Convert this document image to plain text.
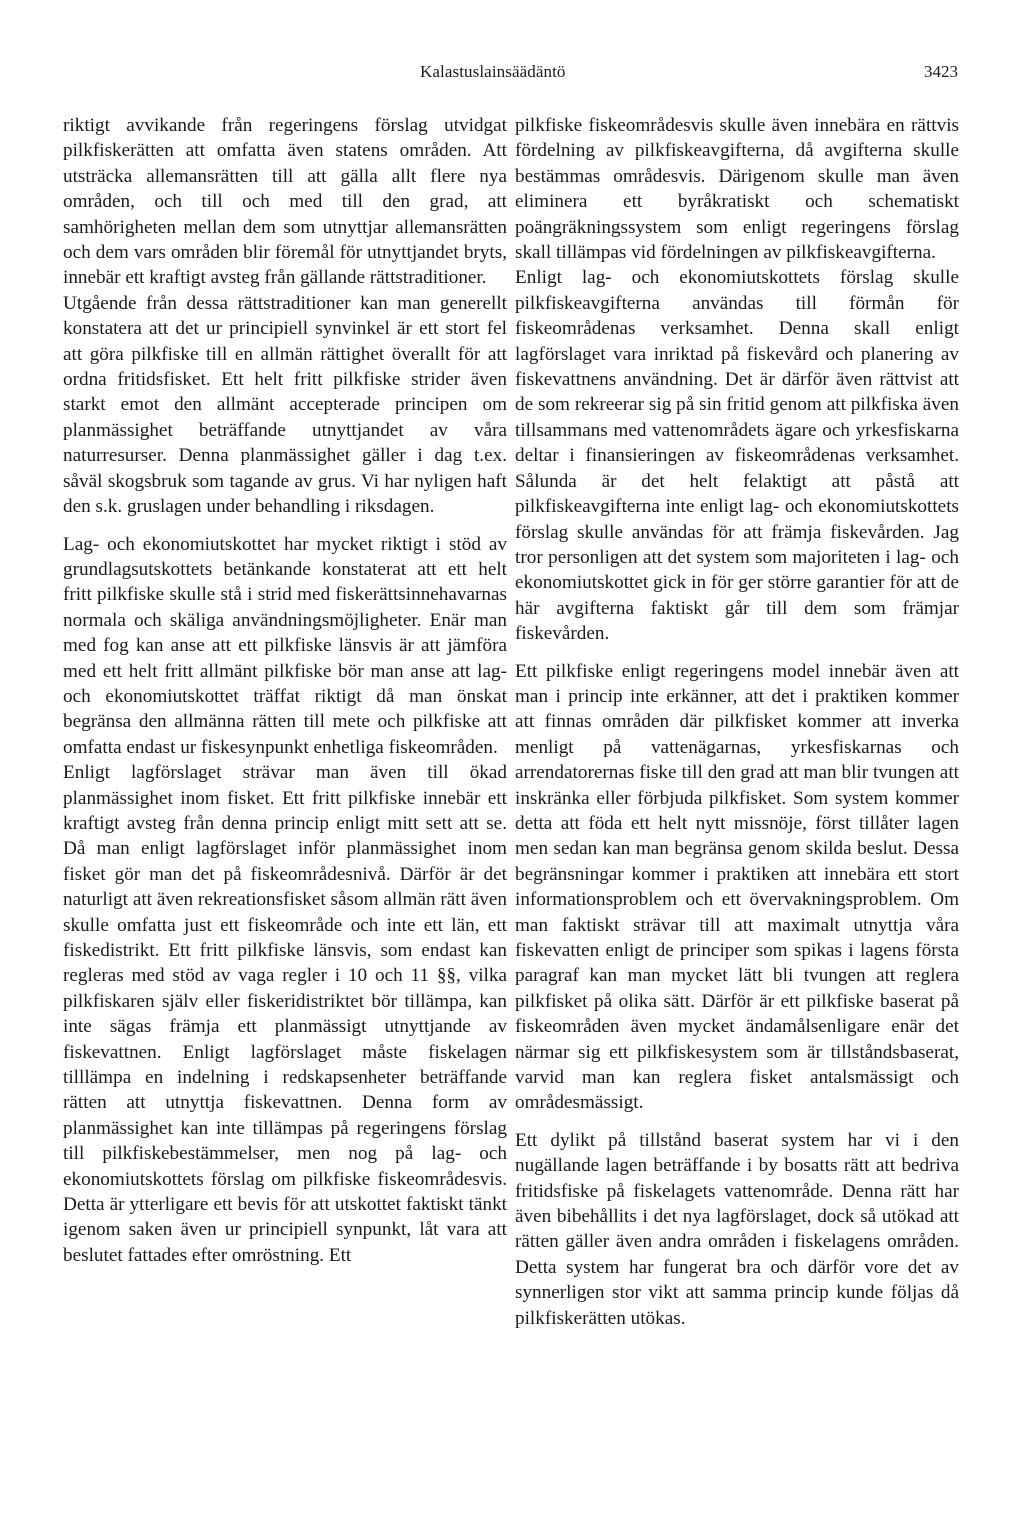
Kalastuslainsäädäntö	3423

riktigt avvikande från regeringens förslag utvidgat pilkfiskerätten att omfatta även statens områden. Att utsträcka allemansrätten till att gälla allt flere nya områden, och till och med till den grad, att samhörigheten mellan dem som utnyttjar allemansrätten och dem vars områden blir föremål för utnyttjandet bryts, innebär ett kraftigt avsteg från gällande rättstraditioner.

Utgående från dessa rättstraditioner kan man generellt konstatera att det ur principiell synvinkel är ett stort fel att göra pilkfiske till en allmän rättighet överallt för att ordna fritidsfisket. Ett helt fritt pilkfiske strider även starkt emot den allmänt accepterade principen om planmässighet beträffande utnyttjandet av våra naturresurser. Denna planmässighet gäller i dag t.ex. såväl skogsbruk som tagande av grus. Vi har nyligen haft den s.k. gruslagen under behandling i riksdagen.

Lag- och ekonomiutskottet har mycket riktigt i stöd av grundlagsutskottets betänkande konstaterat att ett helt fritt pilkfiske skulle stå i strid med fiskerättsinnehavarnas normala och skäliga användningsmöjligheter. Enär man med fog kan anse att ett pilkfiske länsvis är att jämföra med ett helt fritt allmänt pilkfiske bör man anse att lag- och ekonomiutskottet träffat riktigt då man önskat begränsa den allmänna rätten till mete och pilkfiske att omfatta endast ur fiskesynpunkt enhetliga fiskeområden.

Enligt lagförslaget strävar man även till ökad planmässighet inom fisket. Ett fritt pilkfiske innebär ett kraftigt avsteg från denna princip enligt mitt sett att se. Då man enligt lagförslaget inför planmässighet inom fisket gör man det på fiskeområdesnivå. Därför är det naturligt att även rekreationsfisket såsom allmän rätt även skulle omfatta just ett fiskeområde och inte ett län, ett fiskedistrikt. Ett fritt pilkfiske länsvis, som endast kan regleras med stöd av vaga regler i 10 och 11 §§, vilka pilkfiskaren själv eller fiskeridistriktet bör tillämpa, kan inte sägas främja ett planmässigt utnyttjande av fiskevattnen. Enligt lagförslaget måste fiskelagen tilllämpa en indelning i redskapsenheter beträffande rätten att utnyttja fiskevattnen. Denna form av planmässighet kan inte tillämpas på regeringens förslag till pilkfiskebestämmelser, men nog på lag- och ekonomiutskottets förslag om pilkfiske fiskeområdesvis. Detta är ytterligare ett bevis för att utskottet faktiskt tänkt igenom saken även ur principiell synpunkt, låt vara att beslutet fattades efter omröstning. Ett

pilkfiske fiskeområdesvis skulle även innebära en rättvis fördelning av pilkfiskeavgifterna, då avgifterna skulle bestämmas områdesvis. Därigenom skulle man även eliminera ett byråkratiskt och schematiskt poängräkningssystem som enligt regeringens förslag skall tillämpas vid fördelningen av pilkfiskeavgifterna.

Enligt lag- och ekonomiutskottets förslag skulle pilkfiskeavgifterna användas till förmån för fiskeområdenas verksamhet. Denna skall enligt lagförslaget vara inriktad på fiskevård och planering av fiskevattnens användning. Det är därför även rättvist att de som rekreerar sig på sin fritid genom att pilkfiska även tillsammans med vattenområdets ägare och yrkesfiskarna deltar i finansieringen av fiskeområdenas verksamhet. Sålunda är det helt felaktigt att påstå att pilkfiskeavgifterna inte enligt lag- och ekonomiutskottets förslag skulle användas för att främja fiskevården. Jag tror personligen att det system som majoriteten i lag- och ekonomiutskottet gick in för ger större garantier för att de här avgifterna faktiskt går till dem som främjar fiskevården.

Ett pilkfiske enligt regeringens model innebär även att man i princip inte erkänner, att det i praktiken kommer att finnas områden där pilkfisket kommer att inverka menligt på vattenägarnas, yrkesfiskarnas och arrendatorernas fiske till den grad att man blir tvungen att inskränka eller förbjuda pilkfisket. Som system kommer detta att föda ett helt nytt missnöje, först tillåter lagen men sedan kan man begränsa genom skilda beslut. Dessa begränsningar kommer i praktiken att innebära ett stort informationsproblem och ett övervakningsproblem. Om man faktiskt strävar till att maximalt utnyttja våra fiskevatten enligt de principer som spikas i lagens första paragraf kan man mycket lätt bli tvungen att reglera pilkfisket på olika sätt. Därför är ett pilkfiske baserat på fiskeområden även mycket ändamålsenligare enär det närmar sig ett pilkfiskesystem som är tillståndsbaserat, varvid man kan reglera fisket antalsmässigt och områdesmässigt.

Ett dylikt på tillstånd baserat system har vi i den nugällande lagen beträffande i by bosatts rätt att bedriva fritidsfiske på fiskelagets vattenområde. Denna rätt har även bibehållits i det nya lagförslaget, dock så utökad att rätten gäller även andra områden i fiskelagens områden. Detta system har fungerat bra och därför vore det av synnerligen stor vikt att samma princip kunde följas då pilkfiskerätten utökas.
